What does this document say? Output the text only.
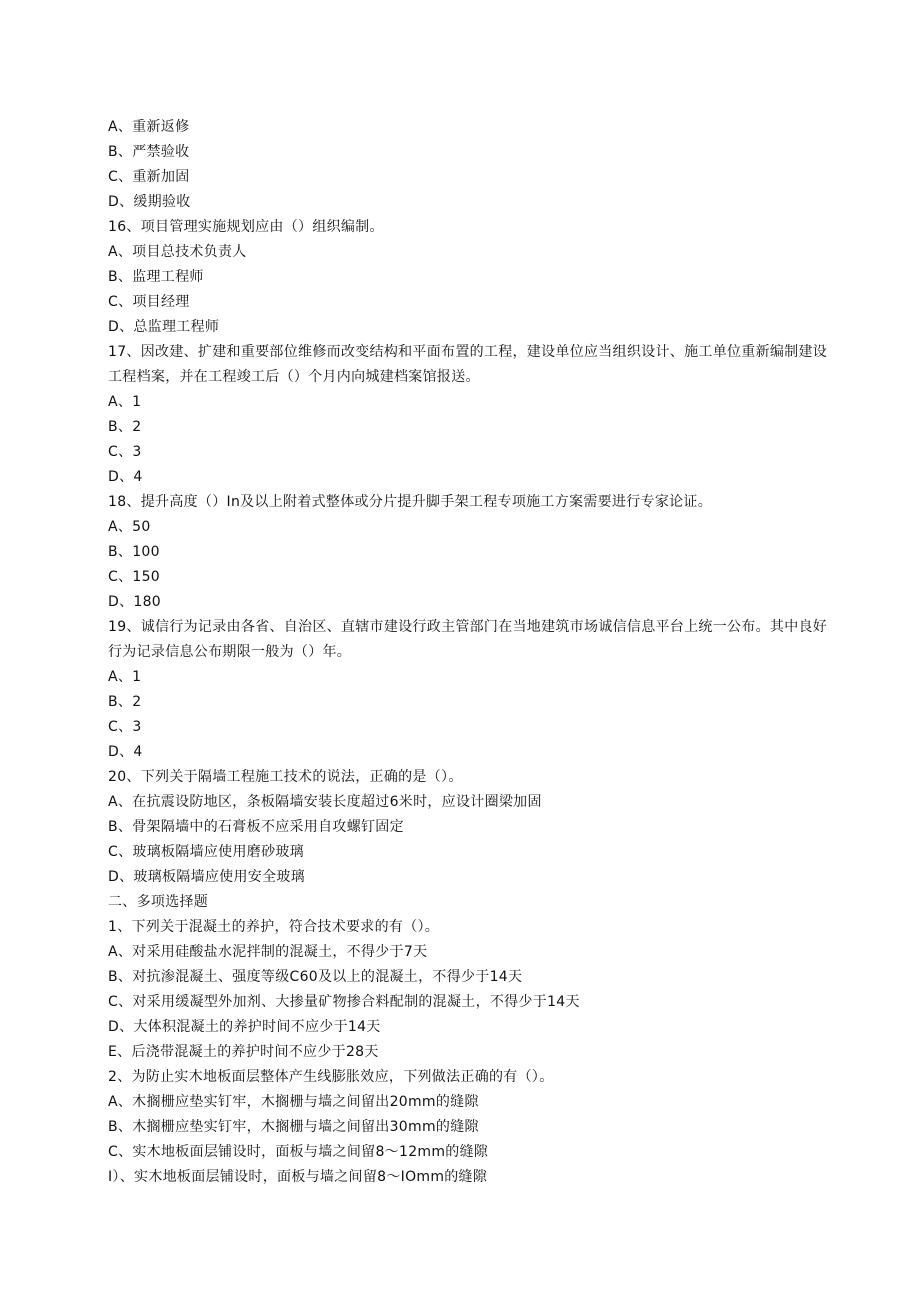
A、重新返修
B、严禁验收
C、重新加固
D、缓期验收
16、项目管理实施规划应由（）组织编制。
A、项目总技术负责人
B、监理工程师
C、项目经理
D、总监理工程师
17、因改建、扩建和重要部位维修而改变结构和平面布置的工程，建设单位应当组织设计、施工单位重新编制建设工程档案，并在工程竣工后（）个月内向城建档案馆报送。
A、1
B、2
C、3
D、4
18、提升高度（）In及以上附着式整体或分片提升脚手架工程专项施工方案需要进行专家论证。
A、50
B、100
C、150
D、180
19、诚信行为记录由各省、自治区、直辖市建设行政主管部门在当地建筑市场诚信信息平台上统一公布。其中良好行为记录信息公布期限一般为（）年。
A、1
B、2
C、3
D、4
20、下列关于隔墙工程施工技术的说法，正确的是（）。
A、在抗震设防地区，条板隔墙安装长度超过6米时，应设计圈梁加固
B、骨架隔墙中的石膏板不应采用自攻螺钉固定
C、玻璃板隔墙应使用磨砂玻璃
D、玻璃板隔墙应使用安全玻璃
二、多项选择题
1、下列关于混凝土的养护，符合技术要求的有（）。
A、对采用硅酸盐水泥拌制的混凝土，不得少于7天
B、对抗渗混凝土、强度等级C60及以上的混凝土，不得少于14天
C、对采用缓凝型外加剂、大掺量矿物掺合料配制的混凝土，不得少于14天
D、大体积混凝土的养护时间不应少于14天
E、后浇带混凝土的养护时间不应少于28天
2、为防止实木地板面层整体产生线膨胀效应，下列做法正确的有（）。
A、木搁栅应垫实钉牢，木搁栅与墙之间留出20mm的缝隙
B、木搁栅应垫实钉牢，木搁栅与墙之间留出30mm的缝隙
C、实木地板面层铺设时，面板与墙之间留8～12mm的缝隙
I）、实木地板面层铺设时，面板与墙之间留8～IOmm的缝隙
